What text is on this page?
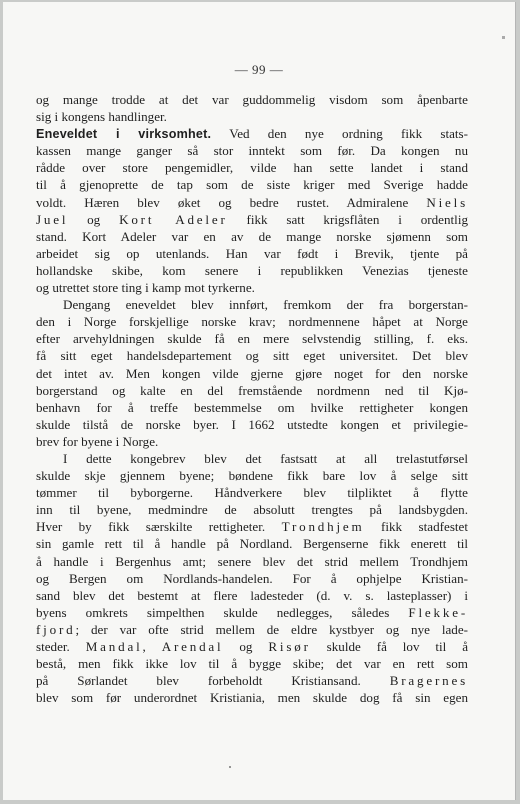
— 99 —
og mange trodde at det var guddommelig visdom som åpenbarte
sig i kongens handlinger.
Eneveldet i virksomhet. Ved den nye ordning fikk stats-
kassen mange ganger så stor inntekt som før. Da kongen nu
rådde over store pengemidler, vilde han sette landet i stand
til å gjenoprette de tap som de siste kriger med Sverige hadde
voldt. Hæren blev øket og bedre rustet. Admiralene Niels
Juel og Kort Adeler fikk satt krigsflåten i ordentlig
stand. Kort Adeler var en av de mange norske sjømenn som
arbeidet sig op utenlands. Han var født i Brevik, tjente på
hollandske skibe, kom senere i republikken Venezias tjeneste
og utrettet store ting i kamp mot tyrkerne.
Dengang eneveldet blev innført, fremkom der fra borgerstan-
den i Norge forskjellige norske krav; nordmennene håpet at Norge
efter arvehyldningen skulde få en mere selvstendig stilling, f. eks.
få sitt eget handelsdepartement og sitt eget universitet. Det blev
det intet av. Men kongen vilde gjerne gjøre noget for den norske
borgerstand og kalte en del fremstående nordmenn ned til Kjø-
benhavn for å treffe bestemmelse om hvilke rettigheter kongen
skulde tilstå de norske byer. I 1662 utstedte kongen et privilegie-
brev for byene i Norge.
I dette kongebrev blev det fastsatt at all trelastutførsel
skulde skje gjennem byene; bøndene fikk bare lov å selge sitt
tømmer til byborgerne. Håndverkere blev tilpliktet å flytte
inn til byene, medmindre de absolutt trengtes på landsbygden.
Hver by fikk særskilte rettigheter. Trondhjem fikk stadfestet
sin gamle rett til å handle på Nordland. Bergenserne fikk enerett til
å handle i Bergenhus amt; senere blev det strid mellem Trondhjem
og Bergen om Nordlands-handelen. For å ophjelpe Kristian-
sand blev det bestemt at flere ladesteder (d. v. s. lasteplasser) i
byens omkrets simpelthen skulde nedlegges, således Flekke-
fjord; der var ofte strid mellem de eldre kystbyer og nye lade-
steder. Mandal, Arendal og Risør skulde få lov til å
bestå, men fikk ikke lov til å bygge skibe; det var en rett som
på Sørlandet blev forbeholdt Kristiansand. Bragernes
blev som før underordnet Kristiania, men skulde dog få sin egen
